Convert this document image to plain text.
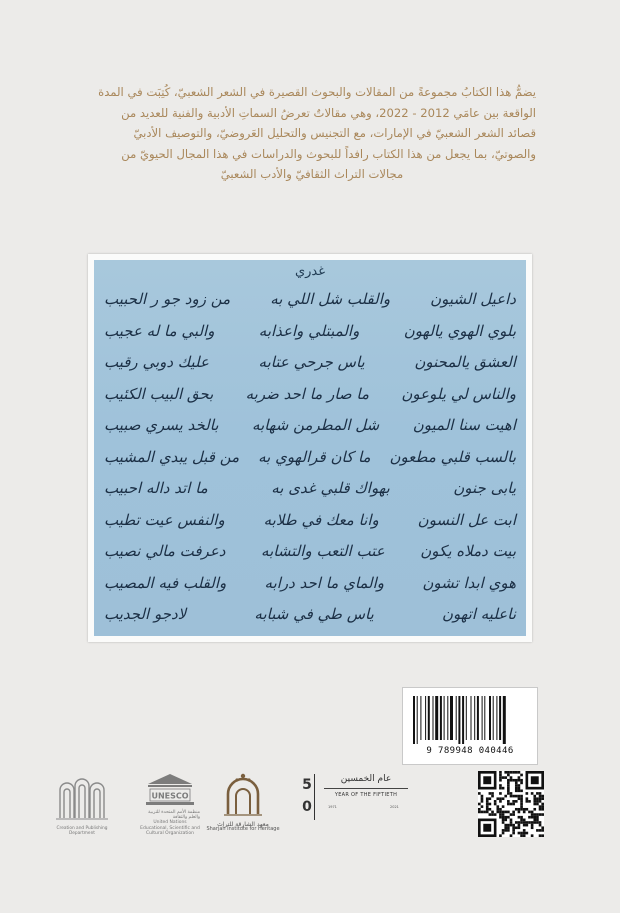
يضمُّ هذا الكتابُ مجموعةً من المقالات والبحوث القصيرة في الشعر الشعبيّ، كُتِبَت في المدة

الواقعة بين عامَي 2012 - 2022، وهي مقالاتٌ تعرضُ السماتِ الأدبية والفنية للعديد من

قصائد الشعر الشعبيّ في الإمارات، مع التجنيس والتحليل العَروضيّ، والتوصيف الأدبيّ

والصوتيّ، بما يجعل من هذا الكتاب رافداً للبحوث والدراسات في هذا المجال الحيويّ من

مجالات التراث الثقافيّ والأدب الشعبيّ

غدري
داعيل الشيون
والقلب شل اللي به
من زود جو ر الحبيب
بلوي الهوي يالهون
والمبتلي واعذابه
والبي ما له عجيب
العشق يالمحنون
ياس جرحي عتابه
عليك دوبي رقيب
والناس لي يلوعون
ما صار ما احد ضربه
بحق البيب الكئيب
اهيت سنا الميون
شل المطرمن شهابه
بالخد يسري صبيب
بالسب قلبي مطعون
ما كان قرالهوي به
من قبل يبدي المشيب
يابى جنون
بهواك قلبي غدى به
ما اتد داله احبيب
ابت عل النسون
وانا معك في طلابه
والنفس عيت تطيب
بيت دملاه يكون
عتب التعب والتشابه
دعرفت مالي نصيب
هوي ابدا تشون
والماي ما احد درابه
والقلب فيه المصيب
ناعليه اتهون
ياس طي في شبابه
لادجو الجديب
9 789948 040446
Creation and Publishing Department
UNESCO
منظمة الأمم المتحدة للتربية والعلم والثقافة
United Nations
Educational, Scientific and
Cultural Organization
معهد الشارقة للتراث
Sharjah Institute for Heritage
5
0
عام الخمسين
YEAR OF THE FIFTIETH
1971	2021
